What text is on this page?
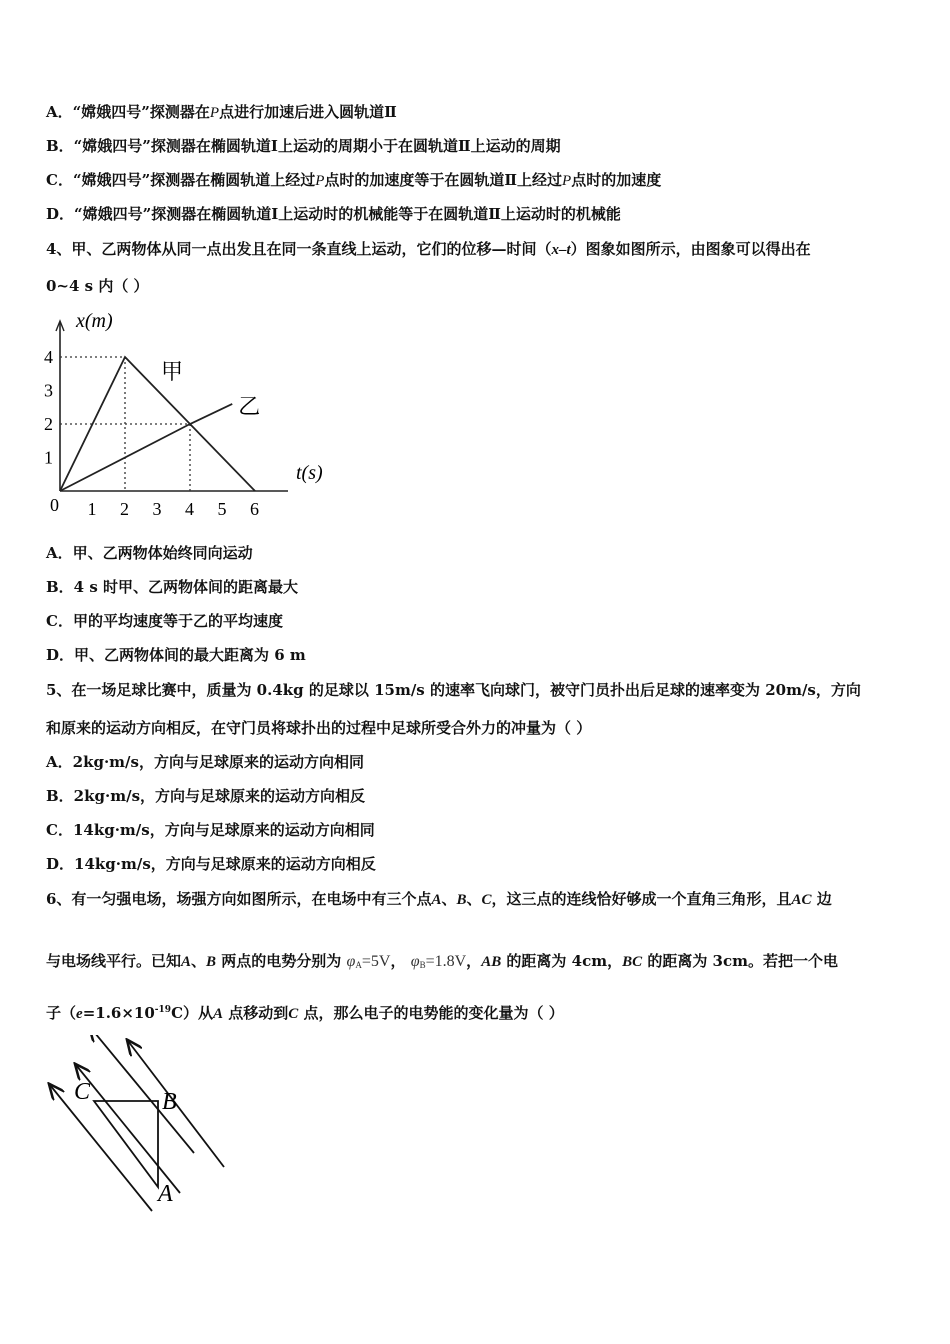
A．“嫦娥四号”探测器在P点进行加速后进入圆轨道Ⅱ
B．“嫦娥四号”探测器在椭圆轨道Ⅰ上运动的周期小于在圆轨道Ⅱ上运动的周期
C．“嫦娥四号”探测器在椭圆轨道上经过P点时的加速度等于在圆轨道Ⅱ上经过P点时的加速度
D．“嫦娥四号”探测器在椭圆轨道Ⅰ上运动时的机械能等于在圆轨道Ⅱ上运动时的机械能
4、甲、乙两物体从同一点出发且在同一条直线上运动，它们的位移—时间（x–t）图象如图所示，由图象可以得出在
0~4 s 内（ ）
x(m)
t(s)
0 1 2 3 4 5 6
1
2
3
4
甲
乙
A．甲、乙两物体始终同向运动
B．4 s 时甲、乙两物体间的距离最大
C．甲的平均速度等于乙的平均速度
D．甲、乙两物体间的最大距离为 6 m
5、在一场足球比赛中，质量为 0.4kg 的足球以 15m/s 的速率飞向球门，被守门员扑出后足球的速率变为 20m/s，方向
和原来的运动方向相反，在守门员将球扑出的过程中足球所受合外力的冲量为（ ）
A．2kg·m/s，方向与足球原来的运动方向相同
B．2kg·m/s，方向与足球原来的运动方向相反
C．14kg·m/s，方向与足球原来的运动方向相同
D．14kg·m/s，方向与足球原来的运动方向相反
6、有一匀强电场，场强方向如图所示，在电场中有三个点A、B、C，这三点的连线恰好够成一个直角三角形，且AC 边
与电场线平行。已知A、B 两点的电势分别为 $\varphi_A=5V$， $\varphi_B=1.8V$，AB 的距离为 4cm，BC 的距离为 3cm。若把一个电
子$(e=1.6\times 10^{-19}C)$从A 点移动到C 点，那么电子的电势能的变化量为（ ）
C	B
A
